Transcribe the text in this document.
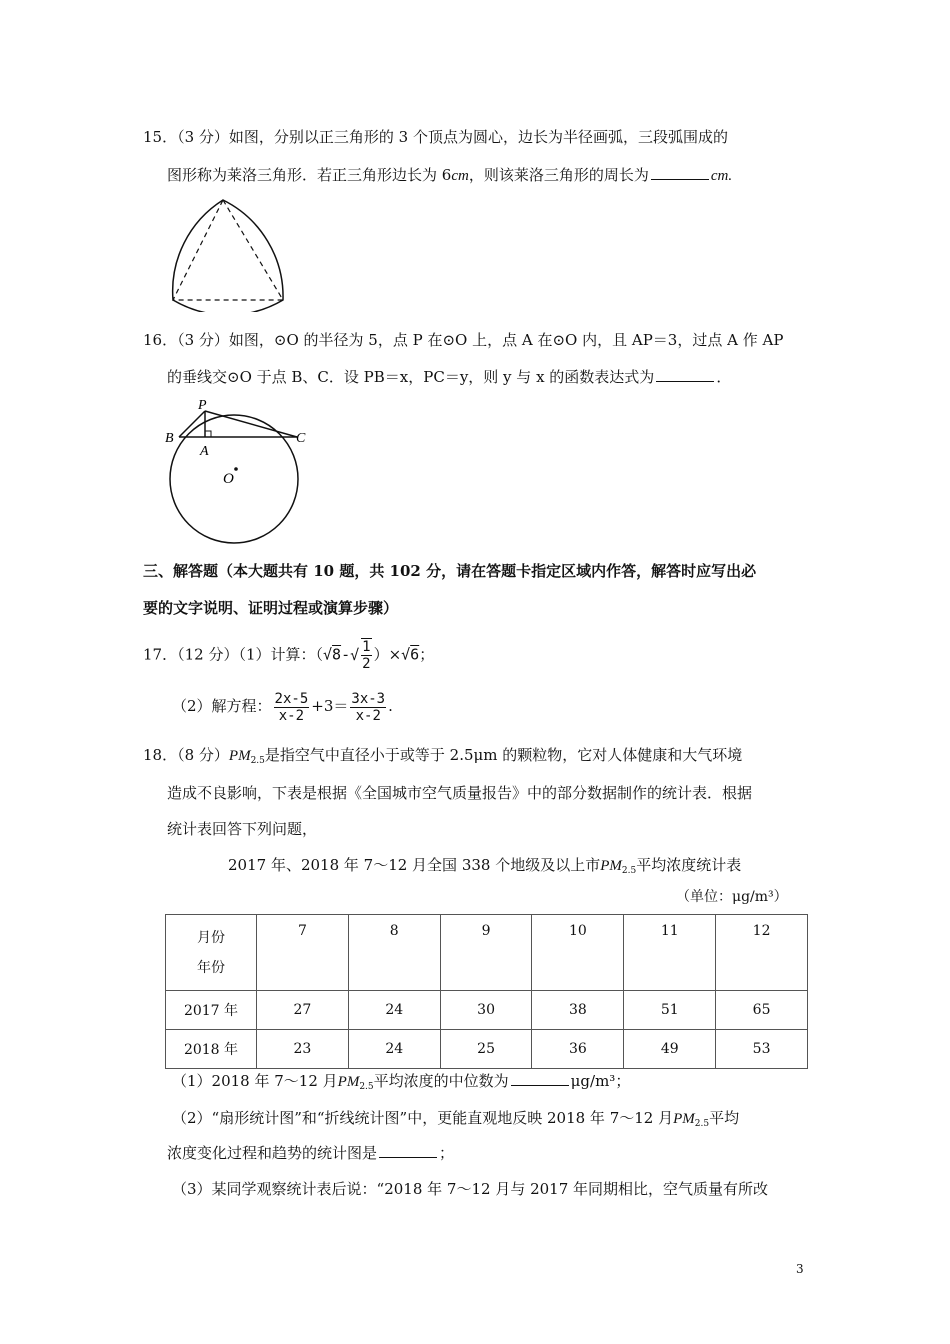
15．（3 分）如图，分别以正三角形的 3 个顶点为圆心，边长为半径画弧，三段弧围成的
图形称为莱洛三角形．若正三角形边长为 6cm，则该莱洛三角形的周长为	cm.
16．（3 分）如图，⊙O 的半径为 5，点 P 在⊙O 上，点 A 在⊙O 内，且 AP＝3，过点 A 作 AP
的垂线交⊙O 于点 B、C．设 PB＝x，PC＝y，则 y 与 x 的函数表达式为	．
P
B	C
A
O
三、解答题（本大题共有 10 题，共 102 分，请在答题卡指定区域内作答，解答时应写出必
要的文字说明、证明过程或演算步骤）
17．（12 分）（1）计算：$(√8-√ \frac{1}{2} )\times√6$；
（2）解方程： $\frac{2x-5}{x-2} +3= \frac{3x-3}{x-2}$ .
18．（8 分）$PM_{2.5}$是指空气中直径小于或等于 2.5μm 的颗粒物，它对人体健康和大气环境
造成不良影响，下表是根据《全国城市空气质量报告》中的部分数据制作的统计表．根据
统计表回答下列问题，
2017 年、2018 年 7～12 月全国 338 个地级及以上市$PM_{2.5}$平均浓度统计表
（单位：μg/m³）
月份
年份	7	8	9	10	11	12
2017 年	27	24	30	38	51	65
2018 年	23	24	25	36	49	53
（1）2018 年 7～12 月$PM_{2.5}$平均浓度的中位数为	μg/m³；
（2）“扇形统计图”和“折线统计图”中，更能直观地反映 2018 年 7～12 月$PM_{2.5}$平均
浓度变化过程和趋势的统计图是	；
（3）某同学观察统计表后说：“2018 年 7～12 月与 2017 年同期相比，空气质量有所改
3
